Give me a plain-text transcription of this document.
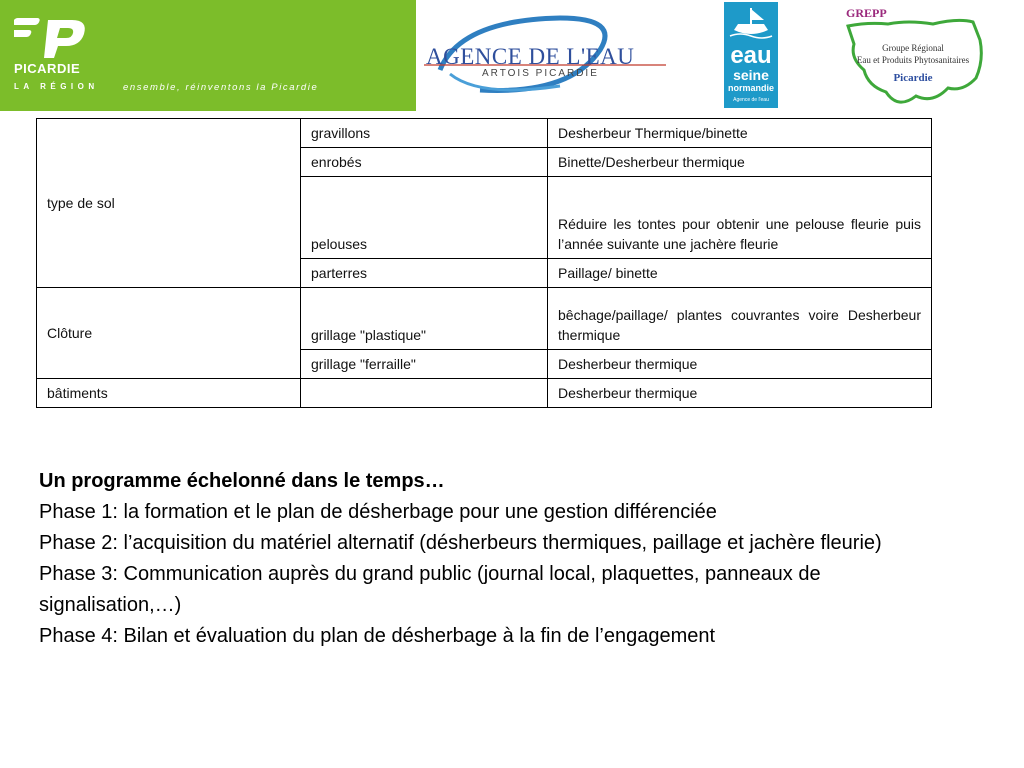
PICARDIE
LA RÉGION	ensemble, réinventons la Picardie
AGENCE DE L'EAU
ARTOIS PICARDIE
eau
seine
normandie
Agence de l'eau
GREPP
Groupe Régional
Eau et Produits Phytosanitaires
Picardie
type de sol	gravillons	Desherbeur Thermique/binette
	enrobés	Binette/Desherbeur thermique
	pelouses	Réduire les tontes pour obtenir une pelouse fleurie puis l’année suivante une jachère fleurie
	parterres	Paillage/ binette
Clôture	grillage "plastique"	bêchage/paillage/ plantes couvrantes voire Desherbeur thermique
	grillage "ferraille"	Desherbeur thermique
bâtiments		Desherbeur thermique

Un programme échelonné dans le temps…

Phase 1: la formation et le plan de désherbage pour une gestion différenciée

Phase 2: l’acquisition du matériel alternatif (désherbeurs thermiques, paillage et jachère fleurie)

Phase 3: Communication auprès du grand public (journal local, plaquettes, panneaux de signalisation,…)

Phase 4: Bilan et évaluation du plan de désherbage à la fin de l’engagement
